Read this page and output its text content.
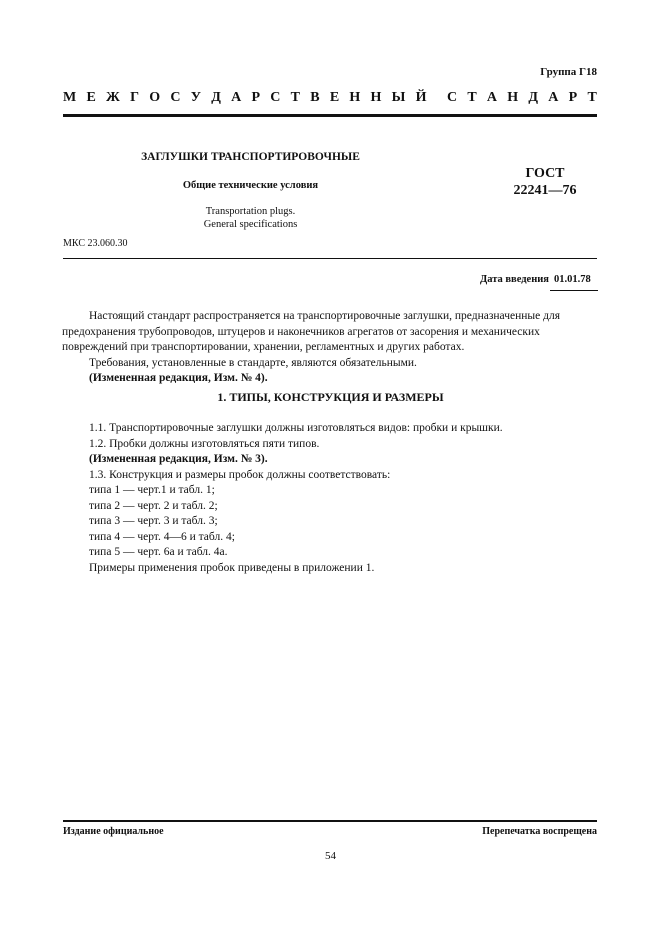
Группа Г18
М Е Ж Г О С У Д А Р С Т В Е Н Н Ы Й С Т А Н Д А Р Т
ЗАГЛУШКИ ТРАНСПОРТИРОВОЧНЫЕ
Общие технические условия
Transportation plugs.
General specifications
ГОСТ
22241—76
МКС 23.060.30
Дата введения 01.01.78

Настоящий стандарт распространяется на транспортировочные заглушки, предназначенные для

предохранения трубопроводов, штуцеров и наконечников агрегатов от засорения и механических

повреждений при транспортировании, хранении, регламентных и других работах.

Требования, установленные в стандарте, являются обязательными.

(Измененная редакция, Изм. № 4).

1. ТИПЫ, КОНСТРУКЦИЯ И РАЗМЕРЫ

1.1. Транспортировочные заглушки должны изготовляться видов: пробки и крышки.

1.2. Пробки должны изготовляться пяти типов.

(Измененная редакция, Изм. № 3).

1.3. Конструкция и размеры пробок должны соответствовать:

типа 1 — черт.1 и табл. 1;

типа 2 — черт. 2 и табл. 2;

типа 3 — черт. 3 и табл. 3;

типа 4 — черт. 4—6 и табл. 4;

типа 5 — черт. 6а и табл. 4а.

Примеры применения пробок приведены в приложении 1.

Издание официальное	Перепечатка воспрещена
54
